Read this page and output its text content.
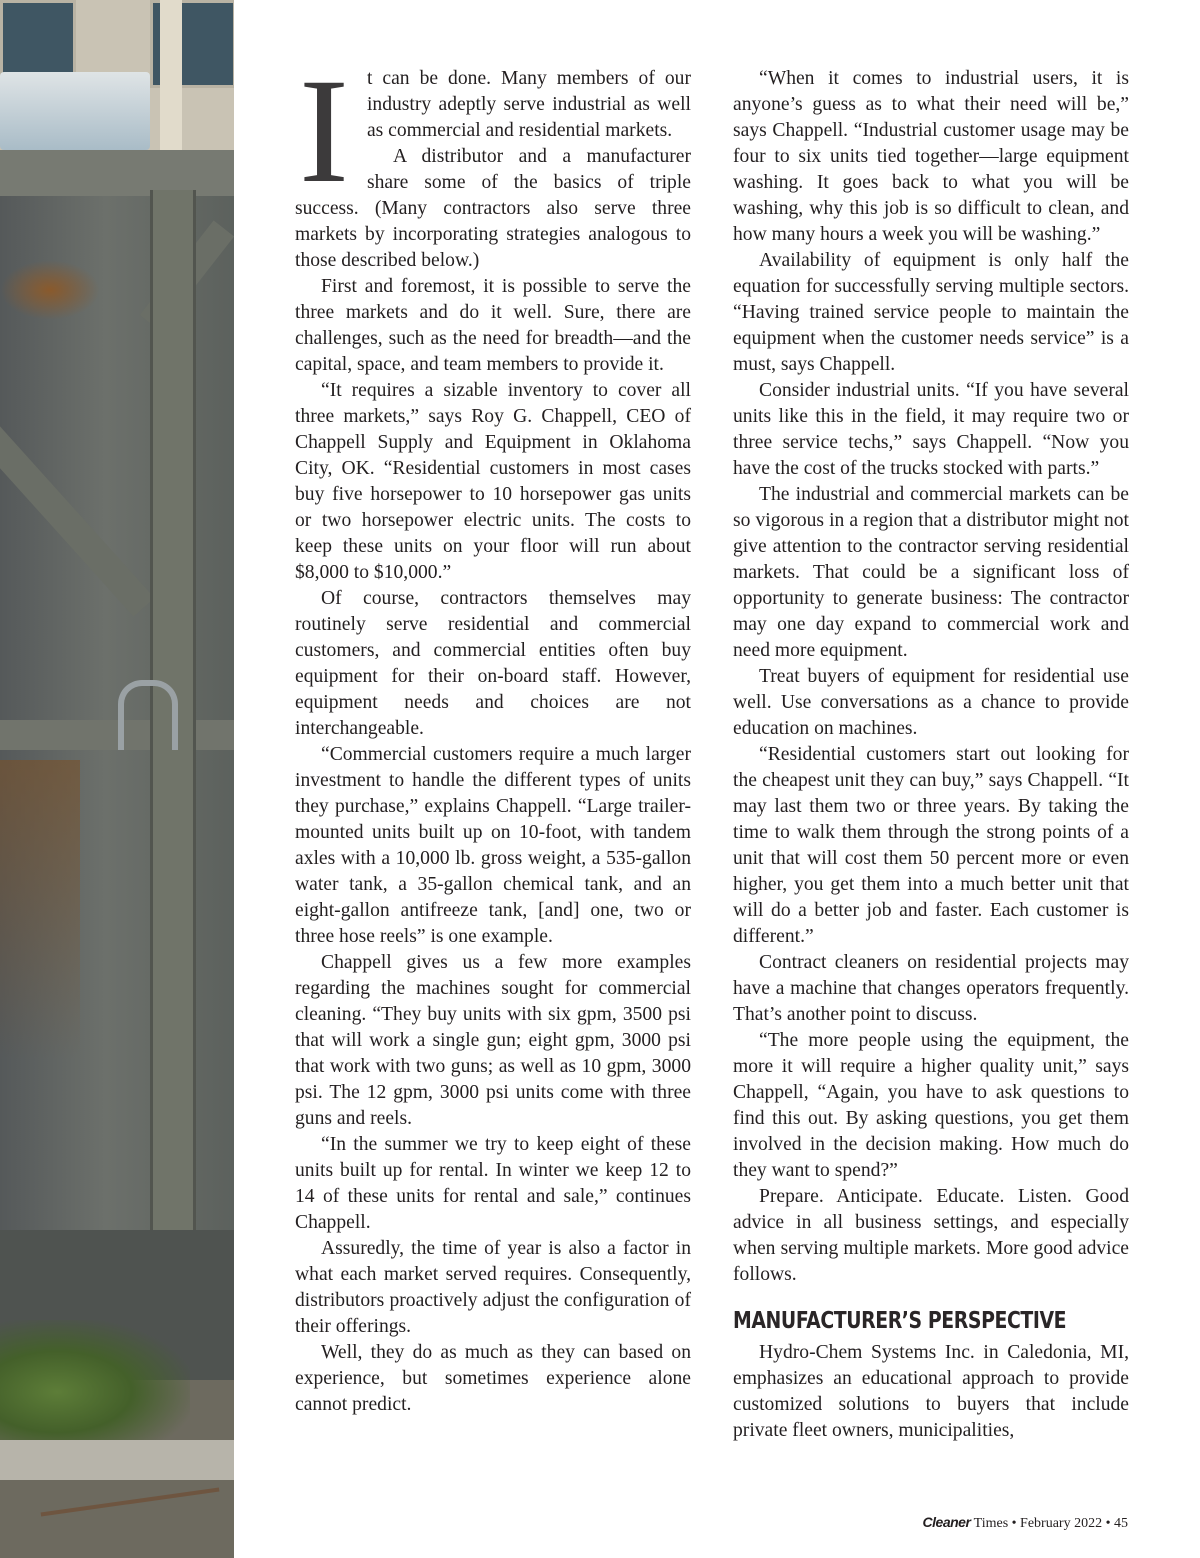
It can be done. Many members of our industry adeptly serve industrial as well as commercial and residential markets.

A distributor and a manufacturer share some of the basics of triple success. (Many contractors also serve three markets by incorporating strategies analogous to those described below.)

First and foremost, it is possible to serve the three markets and do it well. Sure, there are challenges, such as the need for breadth—and the capital, space, and team members to provide it.

“It requires a sizable inventory to cover all three markets,” says Roy G. Chappell, CEO of Chappell Supply and Equipment in Oklahoma City, OK. “Residential customers in most cases buy five horsepower to 10 horsepower gas units or two horsepower electric units. The costs to keep these units on your floor will run about $8,000 to $10,000.”

Of course, contractors themselves may routinely serve residential and commercial customers, and commercial entities often buy equipment for their on-board staff. However, equipment needs and choices are not interchangeable.

“Commercial customers require a much larger investment to handle the different types of units they purchase,” explains Chappell. “Large trailer-mounted units built up on 10-foot, with tandem axles with a 10,000 lb. gross weight, a 535-gallon water tank, a 35-gallon chemical tank, and an eight-gallon antifreeze tank, [and] one, two or three hose reels” is one example.

Chappell gives us a few more examples regarding the machines sought for commercial cleaning. “They buy units with six gpm, 3500 psi that will work a single gun; eight gpm, 3000 psi that work with two guns; as well as 10 gpm, 3000 psi. The 12 gpm, 3000 psi units come with three guns and reels.

“In the summer we try to keep eight of these units built up for rental. In winter we keep 12 to 14 of these units for rental and sale,” continues Chappell.

Assuredly, the time of year is also a factor in what each market served requires. Consequently, distributors proactively adjust the configuration of their offerings.

Well, they do as much as they can based on experience, but sometimes experience alone cannot predict.

“When it comes to industrial users, it is anyone’s guess as to what their need will be,” says Chappell. “Industrial customer usage may be four to six units tied together—large equipment washing. It goes back to what you will be washing, why this job is so difficult to clean, and how many hours a week you will be washing.”

Availability of equipment is only half the equation for successfully serving multiple sectors. “Having trained service people to maintain the equipment when the customer needs service” is a must, says Chappell.

Consider industrial units. “If you have several units like this in the field, it may require two or three service techs,” says Chappell. “Now you have the cost of the trucks stocked with parts.”

The industrial and commercial markets can be so vigorous in a region that a distributor might not give attention to the contractor serving residential markets. That could be a significant loss of opportunity to generate business: The contractor may one day expand to commercial work and need more equipment.

Treat buyers of equipment for residential use well. Use conversations as a chance to provide education on machines.

“Residential customers start out looking for the cheapest unit they can buy,” says Chappell. “It may last them two or three years. By taking the time to walk them through the strong points of a unit that will cost them 50 percent more or even higher, you get them into a much better unit that will do a better job and faster. Each customer is different.”

Contract cleaners on residential projects may have a machine that changes operators frequently. That’s another point to discuss.

“The more people using the equipment, the more it will require a higher quality unit,” says Chappell, “Again, you have to ask questions to find this out. By asking questions, you get them involved in the decision making. How much do they want to spend?”

Prepare. Anticipate. Educate. Listen. Good advice in all business settings, and especially when serving multiple markets. More good advice follows.

MANUFACTURER’S PERSPECTIVE

Hydro-Chem Systems Inc. in Caledonia, MI, emphasizes an educational approach to provide customized solutions to buyers that include private fleet owners, municipalities,

Cleaner Times • February 2022 • 45
